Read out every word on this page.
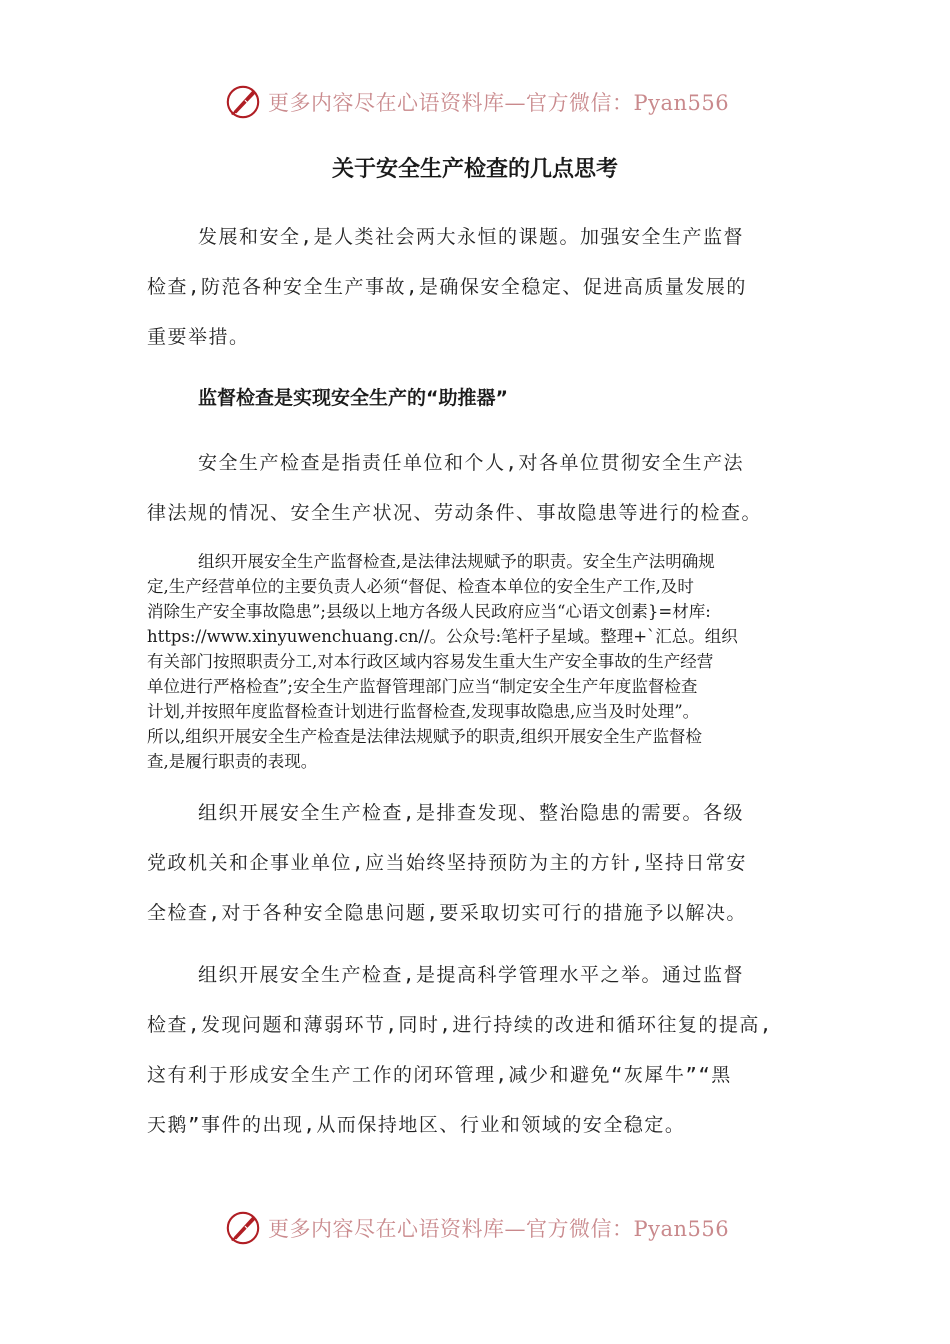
更多内容尽在心语资料库—官方微信：Pyan556
关于安全生产检查的几点思考
发展和安全,是人类社会两大永恒的课题。加强安全生产监督
检查,防范各种安全生产事故,是确保安全稳定、促进高质量发展的
重要举措。
监督检查是实现安全生产的“助推器”
安全生产检查是指责任单位和个人,对各单位贯彻安全生产法
律法规的情况、安全生产状况、劳动条件、事故隐患等进行的检查。
组织开展安全生产监督检查,是法律法规赋予的职责。安全生产法明确规
定,生产经营单位的主要负责人必须“督促、检查本单位的安全生产工作,及时
消除生产安全事故隐患”;县级以上地方各级人民政府应当“心语文创素}=材库:
https://www.xinyuwenchuang.cn//。公众号:笔杆子星域。整理+`汇总。组织
有关部门按照职责分工,对本行政区域内容易发生重大生产安全事故的生产经营
单位进行严格检查”;安全生产监督管理部门应当“制定安全生产年度监督检查
计划,并按照年度监督检查计划进行监督检查,发现事故隐患,应当及时处理”。
所以,组织开展安全生产检查是法律法规赋予的职责,组织开展安全生产监督检
查,是履行职责的表现。
组织开展安全生产检查,是排查发现、整治隐患的需要。各级
党政机关和企事业单位,应当始终坚持预防为主的方针,坚持日常安
全检查,对于各种安全隐患问题,要采取切实可行的措施予以解决。
组织开展安全生产检查,是提高科学管理水平之举。通过监督
检查,发现问题和薄弱环节,同时,进行持续的改进和循环往复的提高,
这有利于形成安全生产工作的闭环管理,减少和避免“灰犀牛”“黑
天鹅”事件的出现,从而保持地区、行业和领域的安全稳定。
更多内容尽在心语资料库—官方微信：Pyan556
